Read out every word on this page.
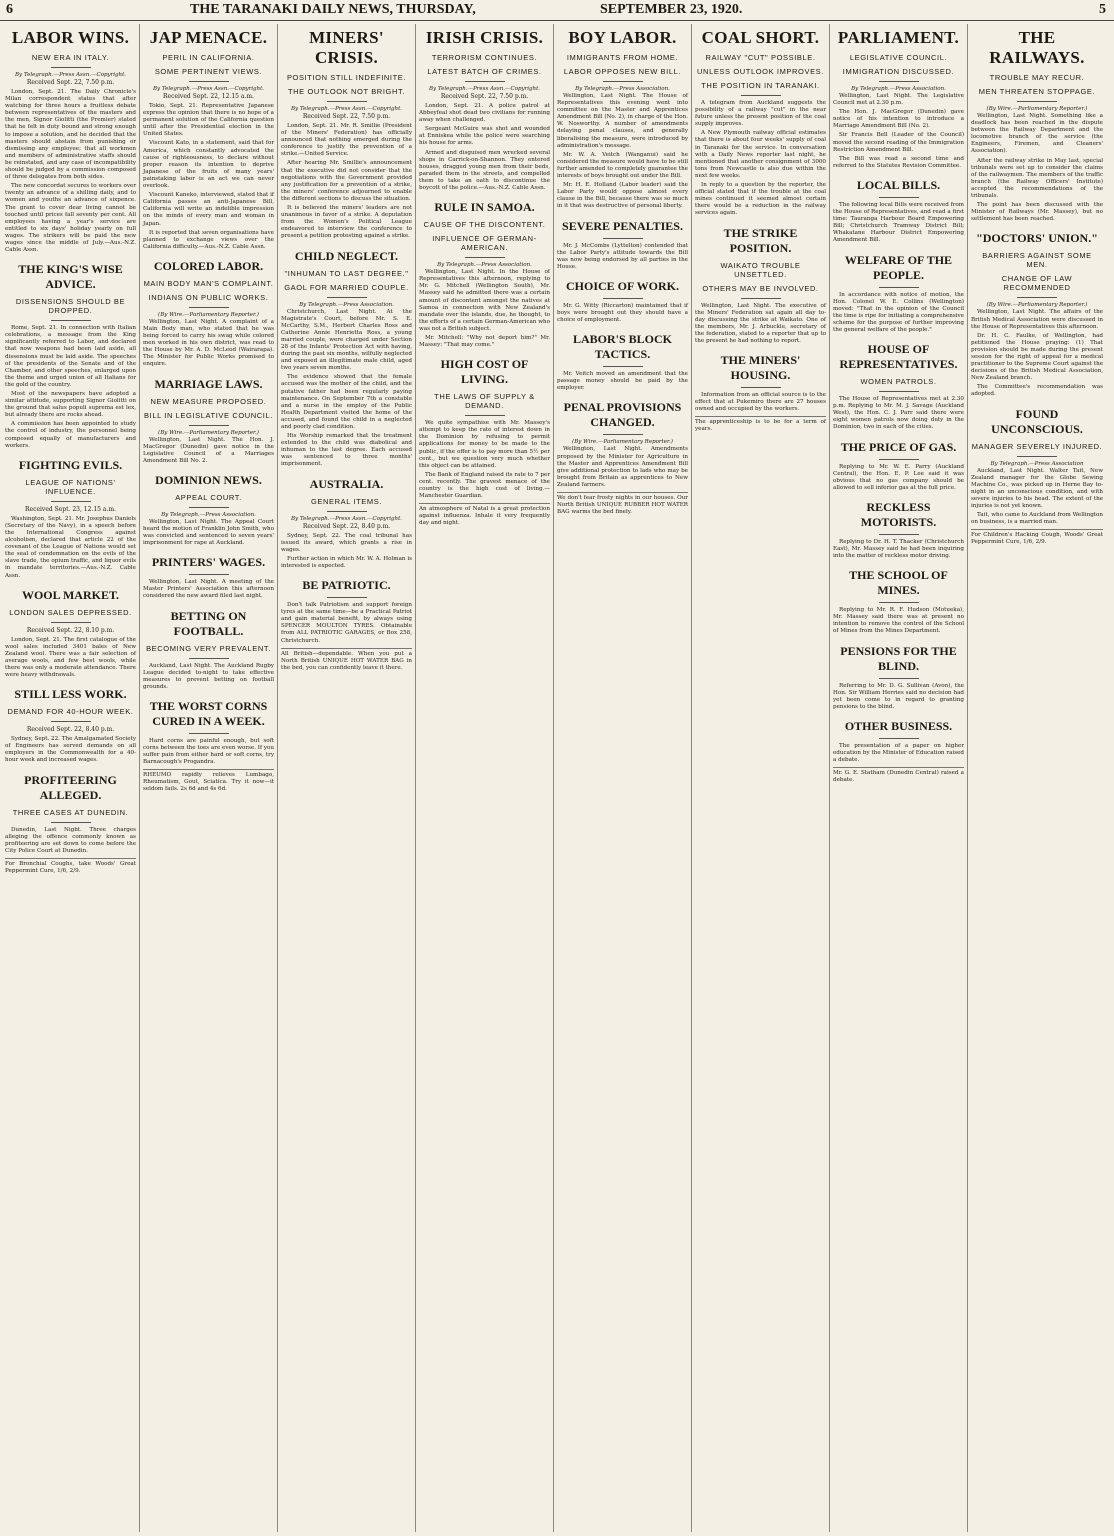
6	THE TARANAKI DAILY NEWS, THURSDAY,	SEPTEMBER 23, 1920.	5
LABOR WINS.
NEW ERA IN ITALY.
By Telegraph.—Press Assn.—Copyright.
Received Sept. 22, 7.50 p.m.

London, Sept. 21. The Daily Chronicle's Milan correspondent states that after watching for three hours a fruitless debate between representatives of the masters and the men, Signor Giolitti (the Premier) stated that he felt in duty bound and strong enough to impose a solution, and he decided that the masters should abstain from punishing or dismissing any employee; that all workmen and members of administrative staffs should be reinstated, and any case of incompatibility should be judged by a commission composed of three delegates from both sides.

The new concordat secures to workers over twenty an advance of a shilling daily, and to women and youths an advance of sixpence. The grant to cover dear living cannot be touched until prices fall seventy per cent. All employees having a year's service are entitled to six days' holiday yearly on full wages. The strikers will be paid the new wages since the middle of July.—Aus.-N.Z. Cable Assn.

THE KING'S WISE ADVICE.
DISSENSIONS SHOULD BE DROPPED.

Rome, Sept. 21. In connection with Italian celebrations, a message from the King significantly referred to Labor, and declared that now weapons had been laid aside, all dissensions must be laid aside. The speeches of the presidents of the Senate and of the Chamber, and other speeches, enlarged upon the theme and urged union of all Italians for the gold of the country.

Most of the newspapers have adopted a similar attitude, supporting Signor Giolitti on the ground that salus populi suprema est lex, but already there are rocks ahead.

A commission has been appointed to study the control of industry, the personnel being composed equally of manufacturers and workers.

FIGHTING EVILS.
LEAGUE OF NATIONS' INFLUENCE.
Received Sept. 23, 12.15 a.m.

Washington, Sept. 21. Mr. Josephus Daniels (Secretary of the Navy), in a speech before the International Congress against alcoholism, declared that article 22 of the covenant of the League of Nations would set the seal of condemnation on the evils of the slave trade, the opium traffic, and liquor evils in mandate territories.—Aus.-N.Z. Cable Assn.

WOOL MARKET.
LONDON SALES DEPRESSED.
Received Sept. 22, 8.10 p.m.

London, Sept. 21. The first catalogue of the wool sales included 3401 bales of New Zealand wool. There was a fair selection of average wools, and few best wools, while there was only a moderate attendance. There were heavy withdrawals.

STILL LESS WORK.
DEMAND FOR 40-HOUR WEEK.
Received Sept. 22, 8.40 p.m.

Sydney, Sept. 22. The Amalgamated Society of Engineers has served demands on all employers in the Commonwealth for a 40-hour week and increased wages.

PROFITEERING ALLEGED.
THREE CASES AT DUNEDIN.

Dunedin, Last Night. Three charges alleging the offence commonly known as profiteering are set down to come before the City Police Court at Dunedin.

For Bronchial Coughs, take Woods' Great Peppermint Cure, 1/6, 2/9.
JAP MENACE.
PERIL IN CALIFORNIA.
SOME PERTINENT VIEWS.
By Telegraph.—Press Assn.—Copyright.
Received Sept. 22, 12.15 a.m.

Tokio, Sept. 21. Representative Japanese express the opinion that there is no hope of a permanent solution of the California question until after the Presidential election in the United States.

Viscount Kato, in a statement, said that for America, which constantly advocated the cause of righteousness, to declare without proper reason its intention to deprive Japanese of the fruits of many years' painstaking labor is an act we can never overlook.

Viscount Kaneko, interviewed, stated that if California passes an anti-Japanese Bill, California will write an indelible impression on the minds of every man and woman in Japan.

It is reported that seven organisations have planned to exchange views over the California difficulty.—Aus.-N.Z. Cable Assn.

COLORED LABOR.
MAIN BODY MAN'S COMPLAINT.
INDIANS ON PUBLIC WORKS.
(By Wire.—Parliamentary Reporter.)

Wellington, Last Night. A complaint of a Main Body man, who stated that he was being forced to carry his swag while colored men worked in his own district, was read to the House by Mr. A. D. McLeod (Wairarapa). The Minister for Public Works promised to enquire.

MARRIAGE LAWS.
NEW MEASURE PROPOSED.
BILL IN LEGISLATIVE COUNCIL.
(By Wire.—Parliamentary Reporter.)

Wellington, Last Night. The Hon. J. MacGregor (Dunedin) gave notice in the Legislative Council of a Marriages Amendment Bill No. 2.

DOMINION NEWS.
APPEAL COURT.
By Telegraph.—Press Association.

Wellington, Last Night. The Appeal Court heard the motion of Franklin John Smith, who was convicted and sentenced to seven years' imprisonment for rape at Auckland.

PRINTERS' WAGES.

Wellington, Last Night. A meeting of the Master Printers' Association this afternoon considered the new award filed last night.

BETTING ON FOOTBALL.
BECOMING VERY PREVALENT.

Auckland, Last Night. The Auckland Rugby League decided to-night to take effective measures to prevent betting on football grounds.

THE WORST CORNS CURED IN A WEEK.

Hard corns are painful enough, but soft corns between the toes are even worse. If you suffer pain from either hard or soft corns, try Barnacough's Progandra.

RHEUMO rapidly relieves Lumbago, Rheumatism, Gout, Sciatica. Try it now—it seldom fails. 2s 6d and 4s 6d.
MINERS' CRISIS.
POSITION STILL INDEFINITE.
THE OUTLOOK NOT BRIGHT.
By Telegraph.—Press Assn.—Copyright.
Received Sept. 22, 7.50 p.m.

London, Sept. 21. Mr. R. Smillie (President of the Miners' Federation) has officially announced that nothing emerged during the conference to justify the prevention of a strike.—United Service.

After hearing Mr. Smillie's announcement that the executive did not consider that the negotiations with the Government provided any justification for a prevention of a strike, the miners' conference adjourned to enable the different sections to discuss the situation.

It is believed the miners' leaders are not unanimous in favor of a strike. A deputation from the Women's Political League endeavored to interview the conference to present a petition protesting against a strike.

CHILD NEGLECT.
"INHUMAN TO LAST DEGREE."
GAOL FOR MARRIED COUPLE.
By Telegraph.—Press Association.

Christchurch, Last Night. At the Magistrate's Court, before Mr. S. E. McCarthy, S.M., Herbert Charles Ross and Catherine Annie Henrietta Ross, a young married couple, were charged under Section 28 of the Infants' Protection Act with having, during the past six months, wilfully neglected and exposed an illegitimate male child, aged two years seven months.

The evidence showed that the female accused was the mother of the child, and the putative father had been regularly paying maintenance. On September 7th a constable and a nurse in the employ of the Public Health Department visited the home of the accused, and found the child in a neglected and poorly clad condition.

His Worship remarked that the treatment extended to the child was diabolical and inhuman to the last degree. Each accused was sentenced to three months' imprisonment.

AUSTRALIA.
GENERAL ITEMS.
By Telegraph.—Press Assn.—Copyright.
Received Sept. 22, 8.40 p.m.

Sydney, Sept. 22. The coal tribunal has issued its award, which grants a rise in wages.

Further action in which Mr. W. A. Holman is interested is expected.

BE PATRIOTIC.

Don't talk Patriotism and support foreign tyres at the same time—be a Practical Patriot and gain material benefit, by always using SPENCER MOULTON TYRES. Obtainable from ALL PATRIOTIC GARAGES, or Box 258, Christchurch.

All British—dependable. When you put a North British UNIQUE HOT WATER BAG in the bed, you can confidently leave it there.
IRISH CRISIS.
TERRORISM CONTINUES.
LATEST BATCH OF CRIMES.
By Telegraph.—Press Assn.—Copyright.
Received Sept. 22, 7.50 p.m.

London, Sept. 21. A police patrol at Abbeyfeal shot dead two civilians for running away when challenged.

Sergeant McGuire was shot and wounded at Enniskea while the police were searching his house for arms.

Armed and disguised men wrecked several shops in Carrick-on-Shannon. They entered houses, dragged young men from their beds, paraded them in the streets, and compelled them to take an oath to discontinue the boycott of the police.—Aus.-N.Z. Cable Assn.

RULE IN SAMOA.
CAUSE OF THE DISCONTENT.
INFLUENCE OF GERMAN-AMERICAN.
By Telegraph.—Press Association.

Wellington, Last Night. In the House of Representatives this afternoon, replying to Mr. G. Mitchell (Wellington South), Mr. Massey said he admitted there was a certain amount of discontent amongst the natives at Samoa in connection with New Zealand's mandate over the islands, due, he thought, to the efforts of a certain German-American who was not a British subject.

Mr. Mitchell: "Why not deport him?" Mr. Massey: "That may come."

HIGH COST OF LIVING.
THE LAWS OF SUPPLY & DEMAND.

We quite sympathise with Mr. Massey's attempt to keep the rate of interest down in the Dominion by refusing to permit applications for money to be made to the public, if the offer is to pay more than 5½ per cent., but we question very much whether this object can be attained.

The Bank of England raised its rate to 7 per cent. recently. The gravest menace of the country is the high cost of living.—Manchester Guardian.

An atmosphere of Natal is a great protection against influenza. Inhale it very frequently day and night.
BOY LABOR.
IMMIGRANTS FROM HOME.
LABOR OPPOSES NEW BILL.
By Telegraph.—Press Association.

Wellington, Last Night. The House of Representatives this evening went into committee on the Master and Apprentices Amendment Bill (No. 2), in charge of the Hon. W. Nosworthy. A number of amendments delaying penal clauses, and generally liberalising the measure, were introduced by administration's message.

Mr. W. A. Veitch (Wanganui) said he considered the measure would have to be still further amended to completely guarantee the interests of boys brought out under the Bill.

Mr. H. E. Holland (Labor leader) said the Labor Party would oppose almost every clause in the Bill, because there was so much in it that was destructive of personal liberty.

SEVERE PENALTIES.

Mr. J. McCombs (Lyttelton) contended that the Labor Party's attitude towards the Bill was now being endorsed by all parties in the House.

CHOICE OF WORK.

Mr. G. Witty (Riccarton) maintained that if boys were brought out they should have a choice of employment.

LABOR'S BLOCK TACTICS.

Mr. Veitch moved an amendment that the passage money should be paid by the employer.

PENAL PROVISIONS CHANGED.
(By Wire.—Parliamentary Reporter.)

Wellington, Last Night. Amendments proposed by the Minister for Agriculture in the Master and Apprentices Amendment Bill give additional protection to lads who may be brought from Britain as apprentices to New Zealand farmers.

We don't fear frosty nights in our houses. Our North British UNIQUE RUBBER HOT WATER BAG warms the bed finely.
COAL SHORT.
RAILWAY "CUT" POSSIBLE.
UNLESS OUTLOOK IMPROVES.
THE POSITION IN TARANAKI.

A telegram from Auckland suggests the possibility of a railway "cut" in the near future unless the present position of the coal supply improves.

A New Plymouth railway official estimates that there is about four weeks' supply of coal in Taranaki for the service. In conversation with a Daily News reporter last night, he mentioned that another consignment of 3000 tons from Newcastle is also due within the next few weeks.

In reply to a question by the reporter, the official stated that if the trouble at the coal mines continued it seemed almost certain there would be a reduction in the railway services again.

THE STRIKE POSITION.
WAIKATO TROUBLE UNSETTLED.
OTHERS MAY BE INVOLVED.

Wellington, Last Night. The executive of the Miners' Federation sat again all day to-day discussing the strike at Waikato. One of the members, Mr. J. Arbuckle, secretary of the federation, stated to a reporter that up to the present he had nothing to report.

THE MINERS' HOUSING.

Information from an official source is to the effect that at Pukemiro there are 27 houses owned and occupied by the workers.

The apprenticeship is to be for a term of years.
PARLIAMENT.
LEGISLATIVE COUNCIL.
IMMIGRATION DISCUSSED.
By Telegraph.—Press Association.

Wellington, Last Night. The Legislative Council met at 2.30 p.m.

The Hon. J. MacGregor (Dunedin) gave notice of his intention to introduce a Marriage Amendment Bill (No. 2).

Sir Francis Bell (Leader of the Council) moved the second reading of the Immigration Restriction Amendment Bill.

The Bill was read a second time and referred to the Statutes Revision Committee.

LOCAL BILLS.

The following local Bills were received from the House of Representatives, and read a first time: Tauranga Harbour Board Empowering Bill; Christchurch Tramway District Bill; Whakatane Harbour District Empowering Amendment Bill.

WELFARE OF THE PEOPLE.

In accordance with notice of motion, the Hon. Colonel W. E. Collins (Wellington) moved: "That in the opinion of the Council the time is ripe for initiating a comprehensive scheme for the purpose of further improving the general welfare of the people."

HOUSE OF REPRESENTATIVES.
WOMEN PATROLS.

The House of Representatives met at 2.30 p.m. Replying to Mr. M. J. Savage (Auckland West), the Hon. C. J. Parr said there were eight women patrols now doing duty in the Dominion, two in each of the cities.

THE PRICE OF GAS.

Replying to Mr. W. E. Parry (Auckland Central), the Hon. E. P. Lee said it was obvious that no gas company should be allowed to sell inferior gas at the full price.

RECKLESS MOTORISTS.

Replying to Dr. H. T. Thacker (Christchurch East), Mr. Massey said he had been inquiring into the matter of reckless motor driving.

THE SCHOOL OF MINES.

Replying to Mr. R. F. Hudson (Motueka), Mr. Massey said there was at present no intention to remove the control of the School of Mines from the Mines Department.

PENSIONS FOR THE BLIND.

Referring to Mr. D. G. Sullivan (Avon), the Hon. Sir William Herries said no decision had yet been come to in regard to granting pensions to the blind.

OTHER BUSINESS.

The presentation of a paper on higher education by the Minister of Education raised a debate.

Mr. G. E. Statham (Dunedin Central) raised a debate.
THE RAILWAYS.
TROUBLE MAY RECUR.
MEN THREATEN STOPPAGE.
(By Wire.—Parliamentary Reporter.)

Wellington, Last Night. Something like a deadlock has been reached in the dispute between the Railway Department and the locomotive branch of the service (the Engineers, Firemen, and Cleaners' Association).

After the railway strike in May last, special tribunals were set up to consider the claims of the railwaymen. The members of the traffic branch (the Railway Officers' Institute) accepted the recommendations of the tribunals.

The point has been discussed with the Minister of Railways (Mr. Massey), but no settlement has been reached.

"DOCTORS' UNION."
BARRIERS AGAINST SOME MEN.
CHANGE OF LAW RECOMMENDED
(By Wire.—Parliamentary Reporter.)

Wellington, Last Night. The affairs of the British Medical Association were discussed in the House of Representatives this afternoon.

Dr. H. C. Faulke, of Wellington, had petitioned the House praying: (1) That provision should be made during the present session for the right of appeal for a medical practitioner to the Supreme Court against the decisions of the British Medical Association, New Zealand branch.

The Committee's recommendation was adopted.

FOUND UNCONSCIOUS.
MANAGER SEVERELY INJURED.
By Telegraph.—Press Association

Auckland, Last Night. Walter Tait, New Zealand manager for the Globe Sewing Machine Co., was picked up in Herne Bay to-night in an unconscious condition, and with severe injuries to his head. The extent of the injuries is not yet known.

Tait, who came to Auckland from Wellington on business, is a married man.

For Children's Hacking Cough, Woods' Great Peppermint Cure, 1/6, 2/9.
